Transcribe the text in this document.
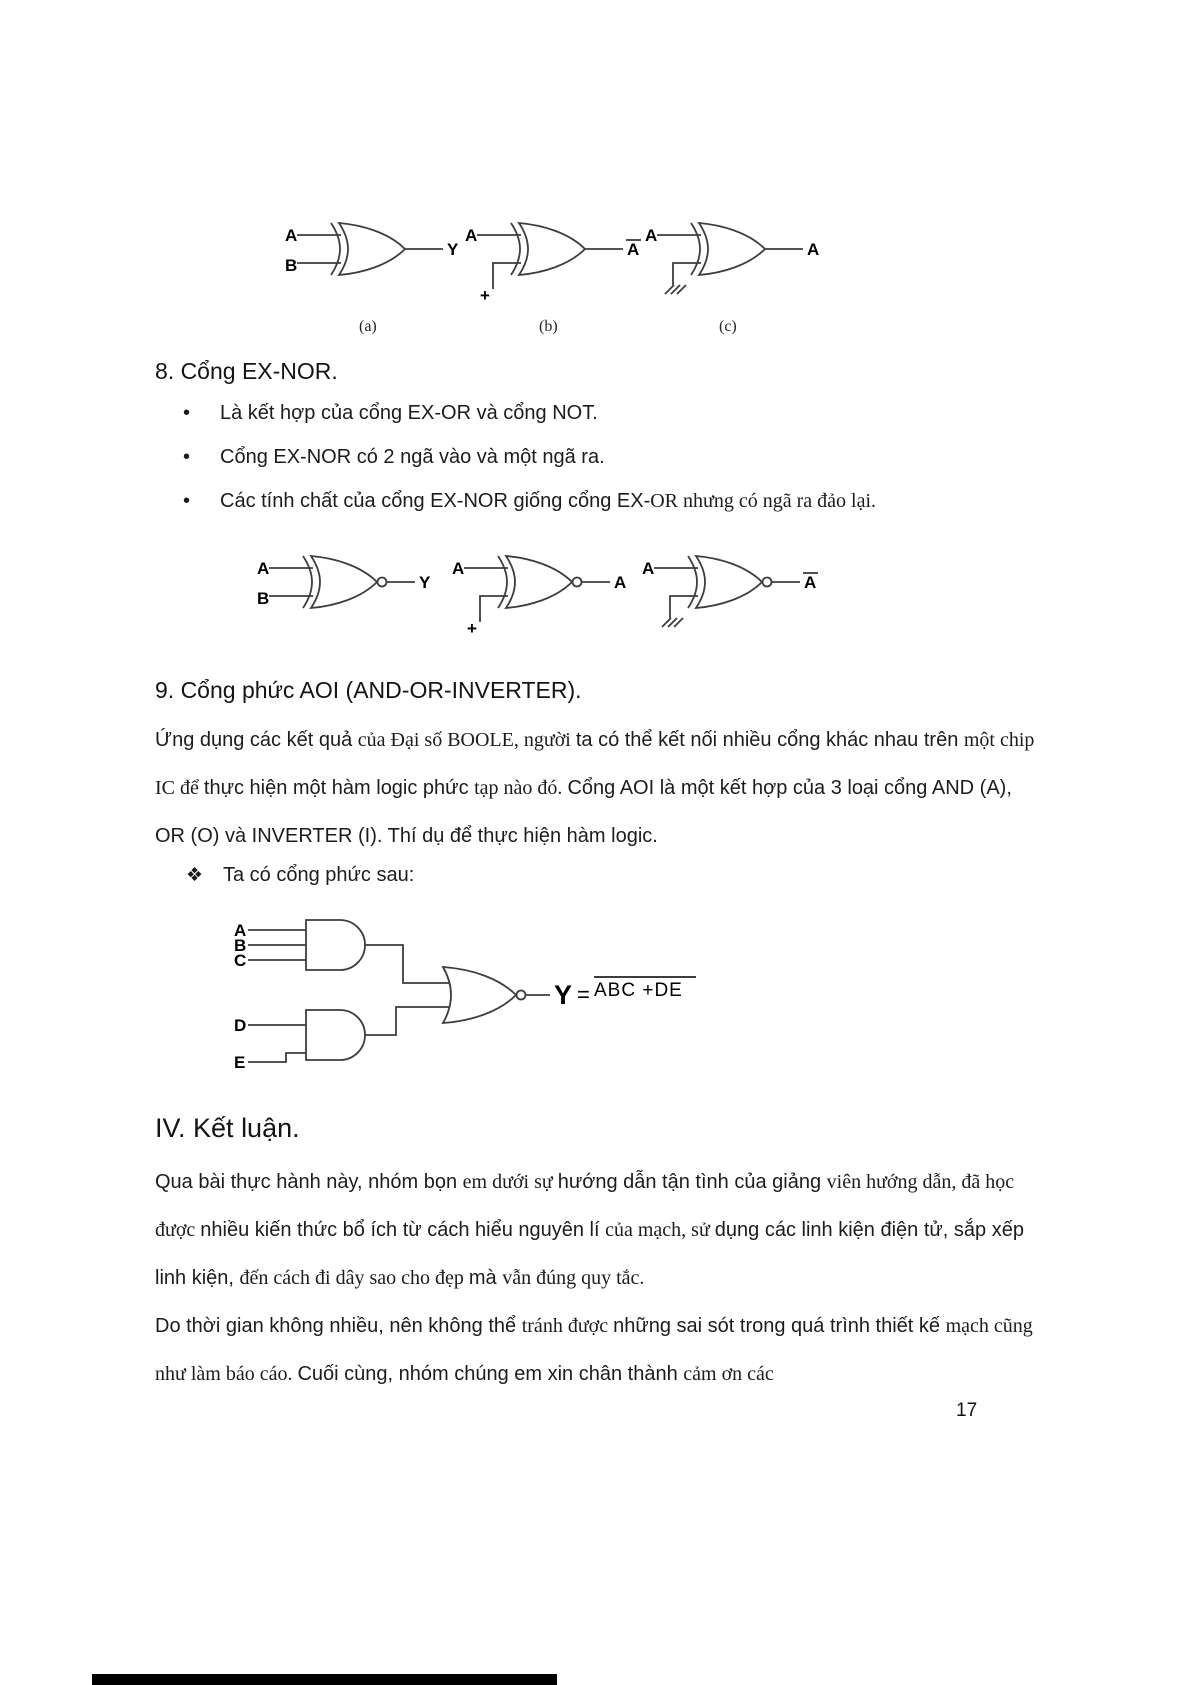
A
B
Y
(a)
A
+
A
(b)
A
A
(c)
8. Cổng EX-NOR.
•	Là kết hợp của cổng EX-OR và cổng NOT.
•	Cổng EX-NOR có 2 ngã vào và một ngã ra.
•	Các tính chất của cổng EX-NOR giống cổng EX-OR nhưng có ngã ra đảo lại.
A
B
Y
A
+
A
A
A
9. Cổng phức AOI (AND-OR-INVERTER).
Ứng dụng các kết quả của Đại số BOOLE, người ta có thể kết nối nhiều cổng khác nhau trên một chip IC để thực hiện một hàm logic phức tạp nào đó. Cổng AOI là một kết hợp của 3 loại cổng AND (A), OR (O) và INVERTER (I). Thí dụ để thực hiện hàm logic.
❖ Ta có cổng phức sau:
A
B
C
D
E
Y = ABC +DE
IV. Kết luận.
Qua bài thực hành này, nhóm bọn em dưới sự hướng dẫn tận tình của giảng viên hướng dẫn, đã học được nhiều kiến thức bổ ích từ cách hiểu nguyên lí của mạch, sử dụng các linh kiện điện tử, sắp xếp linh kiện, đến cách đi dây sao cho đẹp mà vẫn đúng quy tắc.
Do thời gian không nhiều, nên không thể tránh được những sai sót trong quá trình thiết kế mạch cũng như làm báo cáo. Cuối cùng, nhóm chúng em xin chân thành cảm ơn các
17
